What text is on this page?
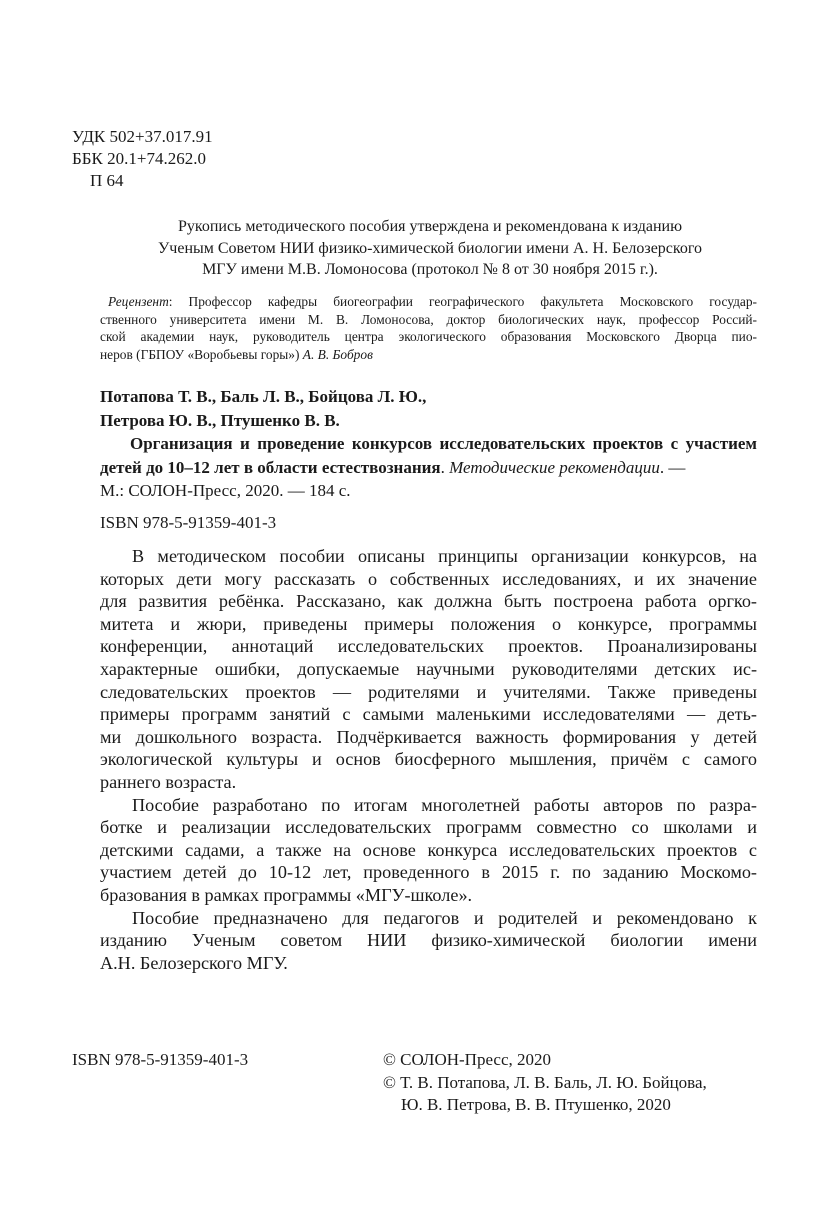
УДК 502+37.017.91
ББК 20.1+74.262.0
П 64
Рукопись методического пособия утверждена и рекомендована к изданию
Ученым Советом НИИ физико-химической биологии имени А. Н. Белозерского
МГУ имени М.В. Ломоносова (протокол № 8 от 30 ноября 2015 г.).
Рецензент: Профессор кафедры биогеографии географического факультета Московского государ-
ственного университета имени М. В. Ломоносова, доктор биологических наук, профессор Россий-
ской академии наук, руководитель центра экологического образования Московского Дворца пио-
неров (ГБПОУ «Воробьевы горы») А. В. Бобров
Потапова Т. В., Баль Л. В., Бойцова Л. Ю.,
Петрова Ю. В., Птушенко В. В.
Организация и проведение конкурсов исследовательских проектов с участием
детей до 10–12 лет в области естествознания. Методические рекомендации. —
М.: СОЛОН-Пресс, 2020. — 184 с.
ISBN 978-5-91359-401-3
В методическом пособии описаны принципы организации конкурсов, на
которых дети могу рассказать о собственных исследованиях, и их значение
для развития ребёнка. Рассказано, как должна быть построена работа оргко-
митета и жюри, приведены примеры положения о конкурсе, программы
конференции, аннотаций исследовательских проектов. Проанализированы
характерные ошибки, допускаемые научными руководителями детских ис-
следовательских проектов — родителями и учителями. Также приведены
примеры программ занятий с самыми маленькими исследователями — деть-
ми дошкольного возраста. Подчёркивается важность формирования у детей
экологической культуры и основ биосферного мышления, причём с самого
раннего возраста.
Пособие разработано по итогам многолетней работы авторов по разра-
ботке и реализации исследовательских программ совместно со школами и
детскими садами, а также на основе конкурса исследовательских проектов с
участием детей до 10-12 лет, проведенного в 2015 г. по заданию Москомо-
бразования в рамках программы «МГУ-школе».
Пособие предназначено для педагогов и родителей и рекомендовано к
изданию Ученым советом НИИ физико-химической биологии имени
А.Н. Белозерского МГУ.
ISBN 978-5-91359-401-3	© СОЛОН-Пресс, 2020
© Т. В. Потапова, Л. В. Баль, Л. Ю. Бойцова,
Ю. В. Петрова, В. В. Птушенко, 2020
